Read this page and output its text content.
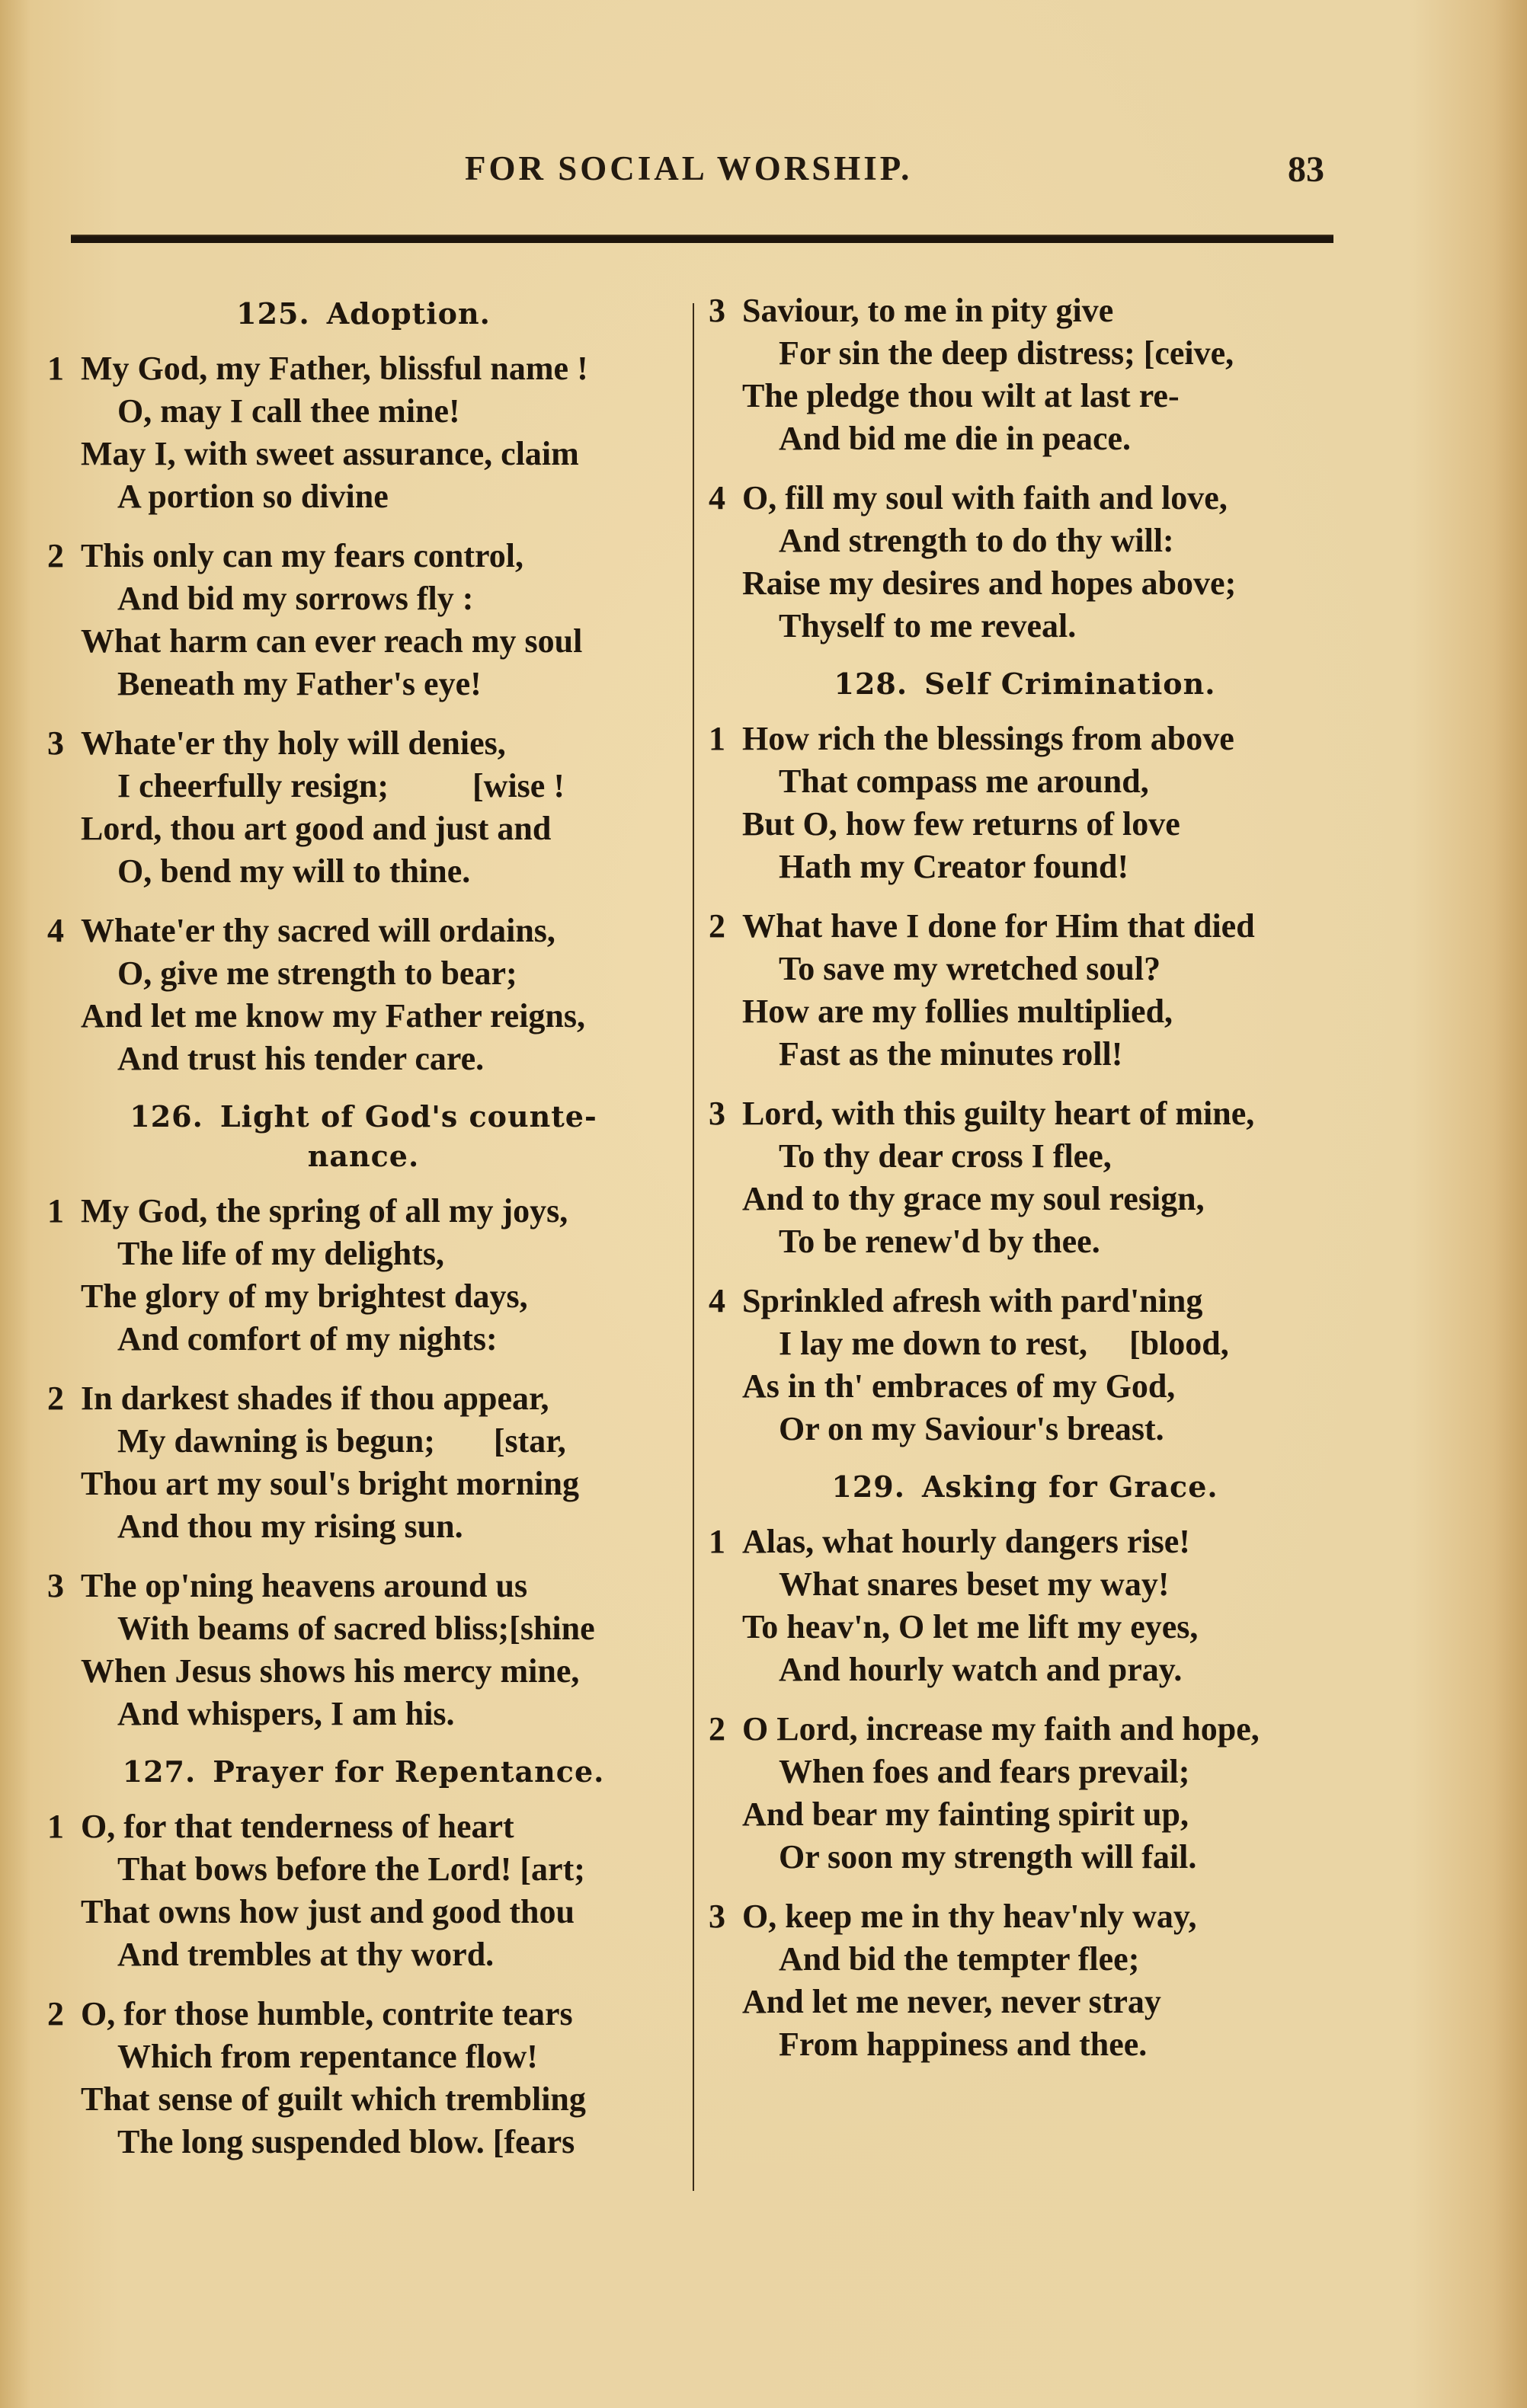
FOR SOCIAL WORSHIP.	83
125. Adoption.
1 My God, my Father, blissful name !
O, may I call thee mine!
May I, with sweet assurance, claim
A portion so divine
2 This only can my fears control,
And bid my sorrows fly :
What harm can ever reach my soul
Beneath my Father's eye!
3 Whate'er thy holy will denies,
I cheerfully resign;          [wise !
Lord, thou art good and just and
O, bend my will to thine.
4 Whate'er thy sacred will ordains,
O, give me strength to bear;
And let me know my Father reigns,
And trust his tender care.
126. Light of God's counte-
nance.
1 My God, the spring of all my joys,
The life of my delights,
The glory of my brightest days,
And comfort of my nights:
2 In darkest shades if thou appear,
My dawning is begun;       [star,
Thou art my soul's bright morning
And thou my rising sun.
3 The op'ning heavens around us
With beams of sacred bliss;[shine
When Jesus shows his mercy mine,
And whispers, I am his.
127. Prayer for Repentance.
1 O, for that tenderness of heart
That bows before the Lord! [art;
That owns how just and good thou
And trembles at thy word.
2 O, for those humble, contrite tears
Which from repentance flow!
That sense of guilt which trembling
The long suspended blow. [fears
3 Saviour, to me in pity give
For sin the deep distress; [ceive,
The pledge thou wilt at last re-
And bid me die in peace.
4 O, fill my soul with faith and love,
And strength to do thy will:
Raise my desires and hopes above;
Thyself to me reveal.
128. Self Crimination.
1 How rich the blessings from above
That compass me around,
But O, how few returns of love
Hath my Creator found!
2 What have I done for Him that died
To save my wretched soul?
How are my follies multiplied,
Fast as the minutes roll!
3 Lord, with this guilty heart of mine,
To thy dear cross I flee,
And to thy grace my soul resign,
To be renew'd by thee.
4 Sprinkled afresh with pard'ning
I lay me down to rest,     [blood,
As in th' embraces of my God,
Or on my Saviour's breast.
129. Asking for Grace.
1 Alas, what hourly dangers rise!
What snares beset my way!
To heav'n, O let me lift my eyes,
And hourly watch and pray.
2 O Lord, increase my faith and hope,
When foes and fears prevail;
And bear my fainting spirit up,
Or soon my strength will fail.
3 O, keep me in thy heav'nly way,
And bid the tempter flee;
And let me never, never stray
From happiness and thee.
